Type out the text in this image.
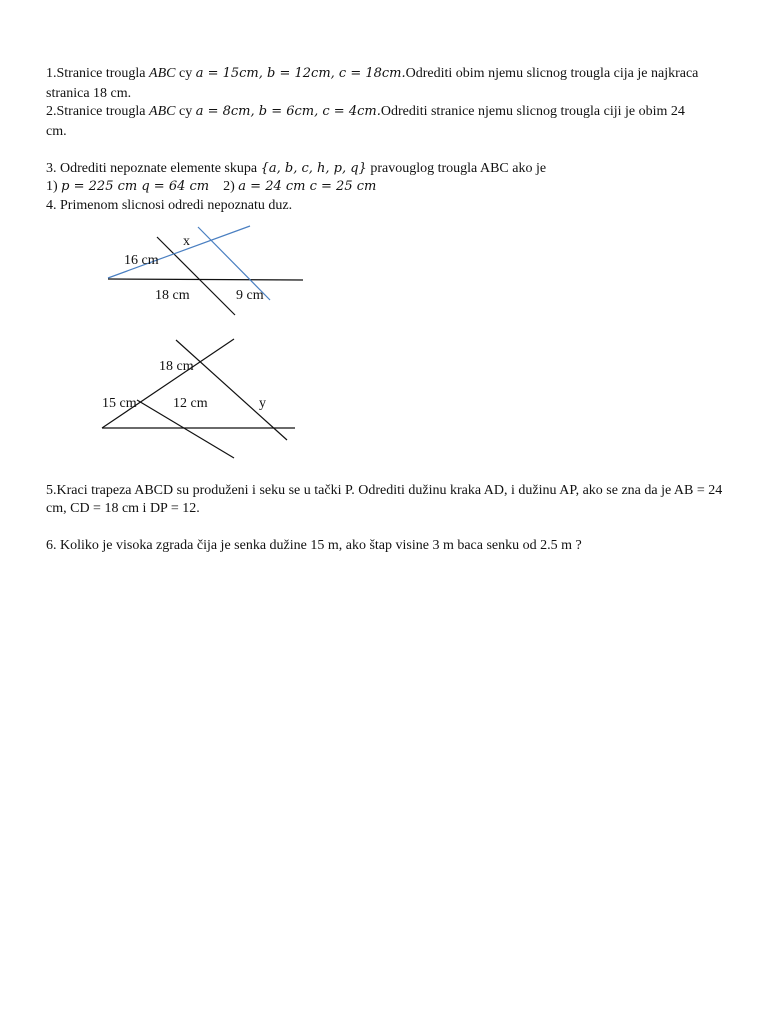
1.Stranice trougla ABC cy a = 15cm, b = 12cm, c = 18cm.Odrediti obim njemu slicnog trougla cija je najkraca
stranica 18 cm.
2.Stranice trougla ABC cy a = 8cm, b = 6cm, c = 4cm.Odrediti stranice njemu slicnog trougla ciji je obim 24
cm.
3. Odrediti nepoznate elemente skupa {a, b, c, h, p, q} pravouglog trougla ABC ako je
1) p = 225 cm q = 64 cm    2) a = 24 cm c = 25 cm
4. Primenom slicnosi odredi nepoznatu duz.
x
16 cm
18 cm	9 cm
18 cm
15 cm	12 cm	y
5.Kraci trapeza ABCD su produženi i seku se u tački P. Odrediti dužinu kraka AD, i dužinu AP, ako se zna da je AB = 24 cm, CD = 18 cm i DP = 12.
6. Koliko je visoka zgrada čija je senka dužine 15 m, ako štap visine 3 m baca senku od 2.5 m ?
